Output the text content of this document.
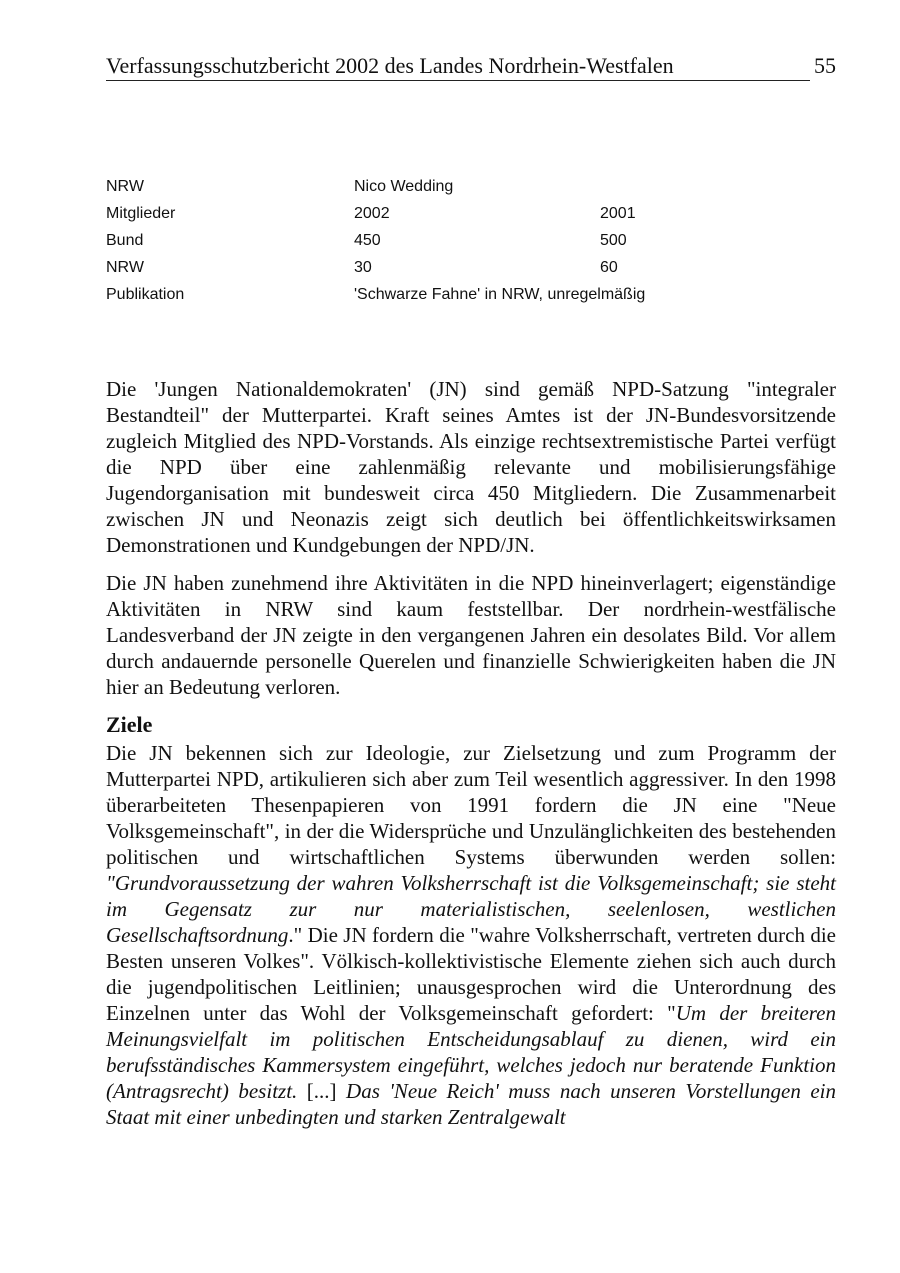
Verfassungsschutzbericht 2002 des Landes Nordrhein-Westfalen	55
NRW	Nico Wedding
Mitglieder	2002	2001
Bund	450	500
NRW	30	60
Publikation	'Schwarze Fahne' in NRW, unregelmäßig

Die 'Jungen Nationaldemokraten' (JN) sind gemäß NPD-Satzung "integraler Bestandteil" der Mutterpartei. Kraft seines Amtes ist der JN-Bundesvorsitzende zugleich Mitglied des NPD-Vorstands. Als einzige rechtsextremistische Partei verfügt die NPD über eine zahlenmäßig relevante und mobilisierungsfähige Jugendorganisation mit bundesweit circa 450 Mitgliedern. Die Zusammenarbeit zwischen JN und Neonazis zeigt sich deutlich bei öffentlichkeitswirksamen Demonstrationen und Kundgebungen der NPD/JN.

Die JN haben zunehmend ihre Aktivitäten in die NPD hineinverlagert; eigenständige Aktivitäten in NRW sind kaum feststellbar. Der nordrhein-westfälische Landesverband der JN zeigte in den vergangenen Jahren ein desolates Bild. Vor allem durch andauernde personelle Querelen und finanzielle Schwierigkeiten haben die JN hier an Bedeutung verloren.

Ziele

Die JN bekennen sich zur Ideologie, zur Zielsetzung und zum Programm der Mutterpartei NPD, artikulieren sich aber zum Teil wesentlich aggressiver. In den 1998 überarbeiteten Thesenpapieren von 1991 fordern die JN eine "Neue Volksgemeinschaft", in der die Widersprüche und Unzulänglichkeiten des bestehenden politischen und wirtschaftlichen Systems überwunden werden sollen: "Grundvoraussetzung der wahren Volksherrschaft ist die Volksgemeinschaft; sie steht im Gegensatz zur nur materialistischen, seelenlosen, westlichen Gesellschaftsordnung." Die JN fordern die "wahre Volksherrschaft, vertreten durch die Besten unseren Volkes". Völkisch-kollektivistische Elemente ziehen sich auch durch die jugendpolitischen Leitlinien; unausgesprochen wird die Unterordnung des Einzelnen unter das Wohl der Volksgemeinschaft gefordert: "Um der breiteren Meinungsvielfalt im politischen Entscheidungsablauf zu dienen, wird ein berufsständisches Kammersystem eingeführt, welches jedoch nur beratende Funktion (Antragsrecht) besitzt. [...] Das 'Neue Reich' muss nach unseren Vorstellungen ein Staat mit einer unbedingten und starken Zentralgewalt
